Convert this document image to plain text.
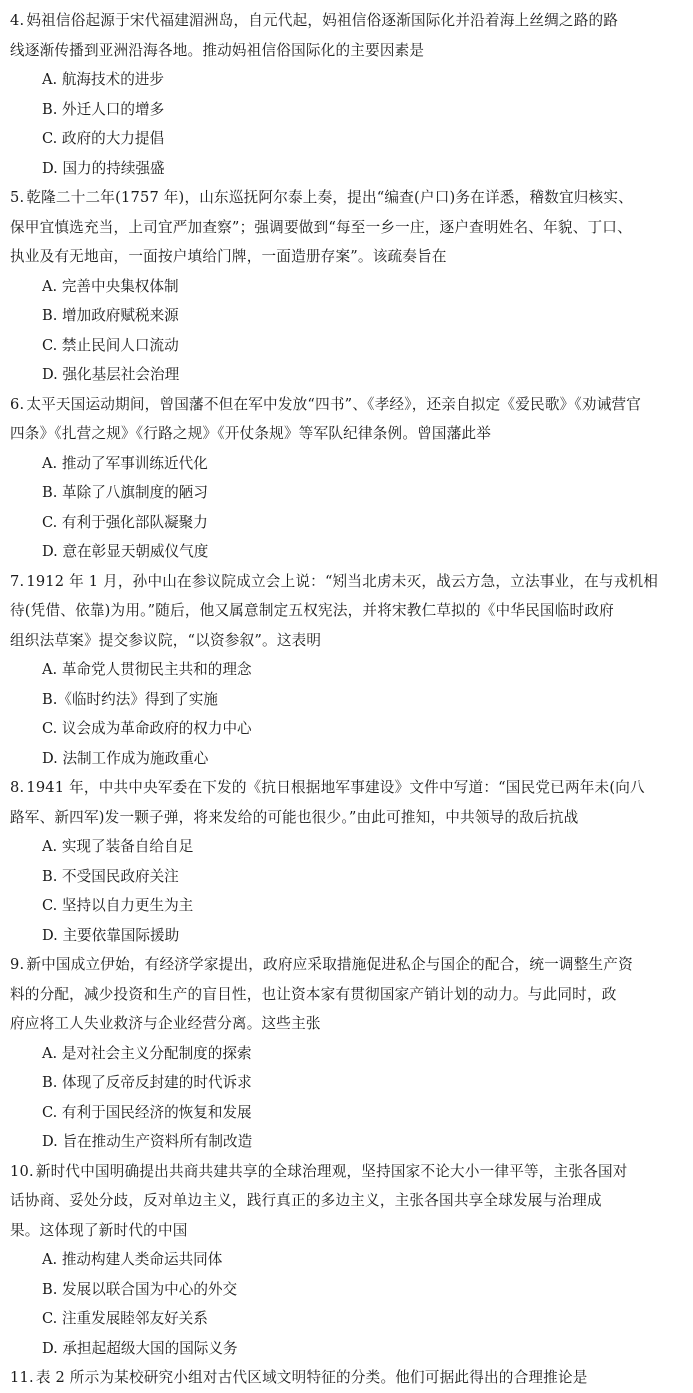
4. 妈祖信俗起源于宋代福建湄洲岛，自元代起，妈祖信俗逐渐国际化并沿着海上丝绸之路的路
线逐渐传播到亚洲沿海各地。推动妈祖信俗国际化的主要因素是

A. 航海技术的进步
B. 外迁人口的增多
C. 政府的大力提倡
D. 国力的持续强盛

5. 乾隆二十二年(1757 年)，山东巡抚阿尔泰上奏，提出“编查(户口)务在详悉，稽数宜归核实、
保甲宜慎选充当，上司宜严加查察”；强调要做到“每至一乡一庄，逐户查明姓名、年貌、丁口、
执业及有无地亩，一面按户填给门牌，一面造册存案”。该疏奏旨在

A. 完善中央集权体制
B. 增加政府赋税来源
C. 禁止民间人口流动
D. 强化基层社会治理

6. 太平天国运动期间，曾国藩不但在军中发放“四书”、《孝经》，还亲自拟定《爱民歌》《劝诫营官
四条》《扎营之规》《行路之规》《开仗条规》等军队纪律条例。曾国藩此举

A. 推动了军事训练近代化
B. 革除了八旗制度的陋习
C. 有利于强化部队凝聚力
D. 意在彰显天朝威仪气度

7. 1912 年 1 月，孙中山在参议院成立会上说：“矧当北虏未灭，战云方急，立法事业，在与戎机相
待(凭借、依靠)为用。”随后，他又属意制定五权宪法，并将宋教仁草拟的《中华民国临时政府
组织法草案》提交参议院，“以资参叙”。这表明

A. 革命党人贯彻民主共和的理念
B.《临时约法》得到了实施
C. 议会成为革命政府的权力中心
D. 法制工作成为施政重心

8. 1941 年，中共中央军委在下发的《抗日根据地军事建设》文件中写道：“国民党已两年未(向八
路军、新四军)发一颗子弹，将来发给的可能也很少。”由此可推知，中共领导的敌后抗战

A. 实现了装备自给自足
B. 不受国民政府关注
C. 坚持以自力更生为主
D. 主要依靠国际援助

9. 新中国成立伊始，有经济学家提出，政府应采取措施促进私企与国企的配合，统一调整生产资
料的分配，减少投资和生产的盲目性，也让资本家有贯彻国家产销计划的动力。与此同时，政
府应将工人失业救济与企业经营分离。这些主张

A. 是对社会主义分配制度的探索
B. 体现了反帝反封建的时代诉求
C. 有利于国民经济的恢复和发展
D. 旨在推动生产资料所有制改造

10. 新时代中国明确提出共商共建共享的全球治理观，坚持国家不论大小一律平等，主张各国对
话协商、妥处分歧，反对单边主义，践行真正的多边主义，主张各国共享全球发展与治理成
果。这体现了新时代的中国

A. 推动构建人类命运共同体
B. 发展以联合国为中心的外交
C. 注重发展睦邻友好关系
D. 承担起超级大国的国际义务

11. 表 2 所示为某校研究小组对古代区域文明特征的分类。他们可据此得出的合理推论是
